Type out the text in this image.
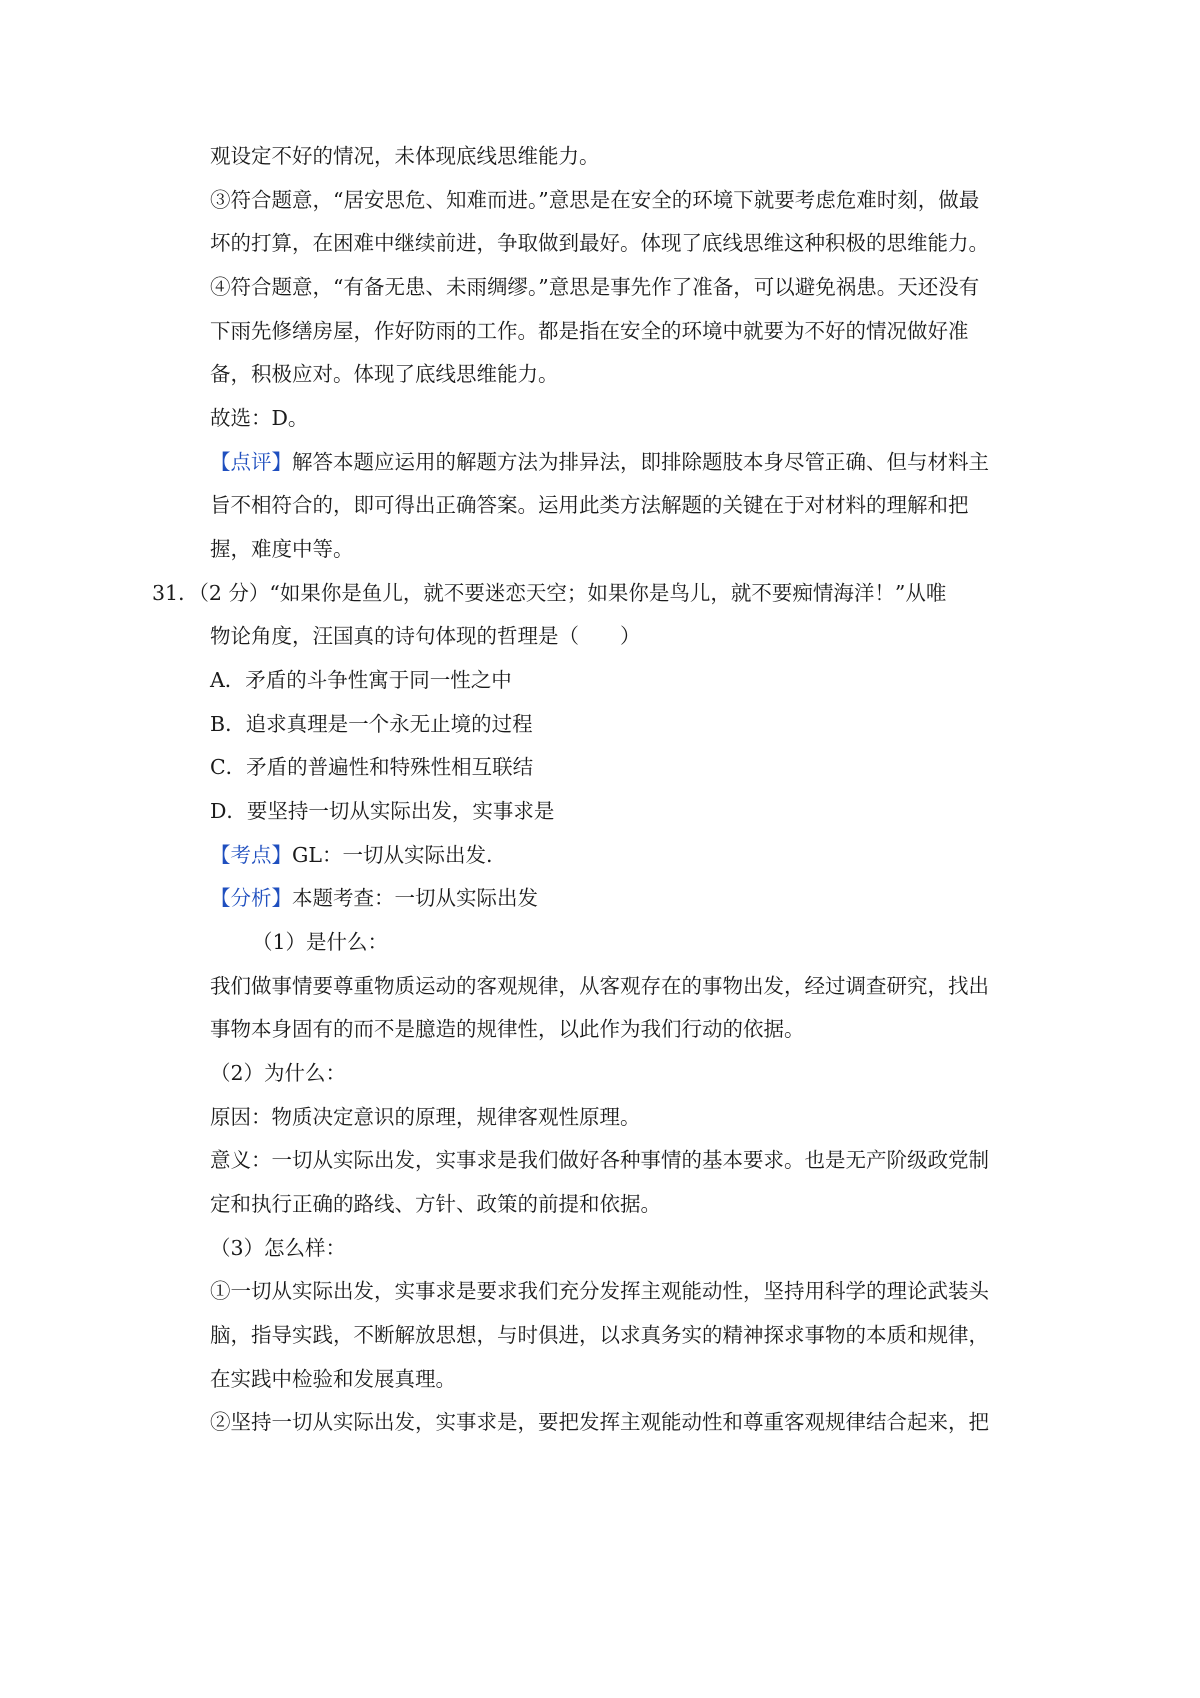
观设定不好的情况，未体现底线思维能力。

③符合题意，“居安思危、知难而进。”意思是在安全的环境下就要考虑危难时刻，做最

坏的打算，在困难中继续前进，争取做到最好。体现了底线思维这种积极的思维能力。

④符合题意，“有备无患、未雨绸缪。”意思是事先作了准备，可以避免祸患。天还没有

下雨先修缮房屋，作好防雨的工作。都是指在安全的环境中就要为不好的情况做好准

备，积极应对。体现了底线思维能力。

故选：D。

【点评】解答本题应运用的解题方法为排异法，即排除题肢本身尽管正确、但与材料主

旨不相符合的，即可得出正确答案。运用此类方法解题的关键在于对材料的理解和把

握，难度中等。

31．（2 分）“如果你是鱼儿，就不要迷恋天空；如果你是鸟儿，就不要痴情海洋！”从唯

物论角度，汪国真的诗句体现的哲理是（　　）

A．矛盾的斗争性寓于同一性之中

B．追求真理是一个永无止境的过程

C．矛盾的普遍性和特殊性相互联结

D．要坚持一切从实际出发，实事求是

【考点】GL：一切从实际出发.

【分析】本题考查：一切从实际出发

（1）是什么：

我们做事情要尊重物质运动的客观规律，从客观存在的事物出发，经过调查研究，找出

事物本身固有的而不是臆造的规律性，以此作为我们行动的依据。

（2）为什么：

原因：物质决定意识的原理，规律客观性原理。

意义：一切从实际出发，实事求是我们做好各种事情的基本要求。也是无产阶级政党制

定和执行正确的路线、方针、政策的前提和依据。

（3）怎么样：

①一切从实际出发，实事求是要求我们充分发挥主观能动性，坚持用科学的理论武装头

脑，指导实践，不断解放思想，与时俱进，以求真务实的精神探求事物的本质和规律，

在实践中检验和发展真理。

②坚持一切从实际出发，实事求是，要把发挥主观能动性和尊重客观规律结合起来，把
